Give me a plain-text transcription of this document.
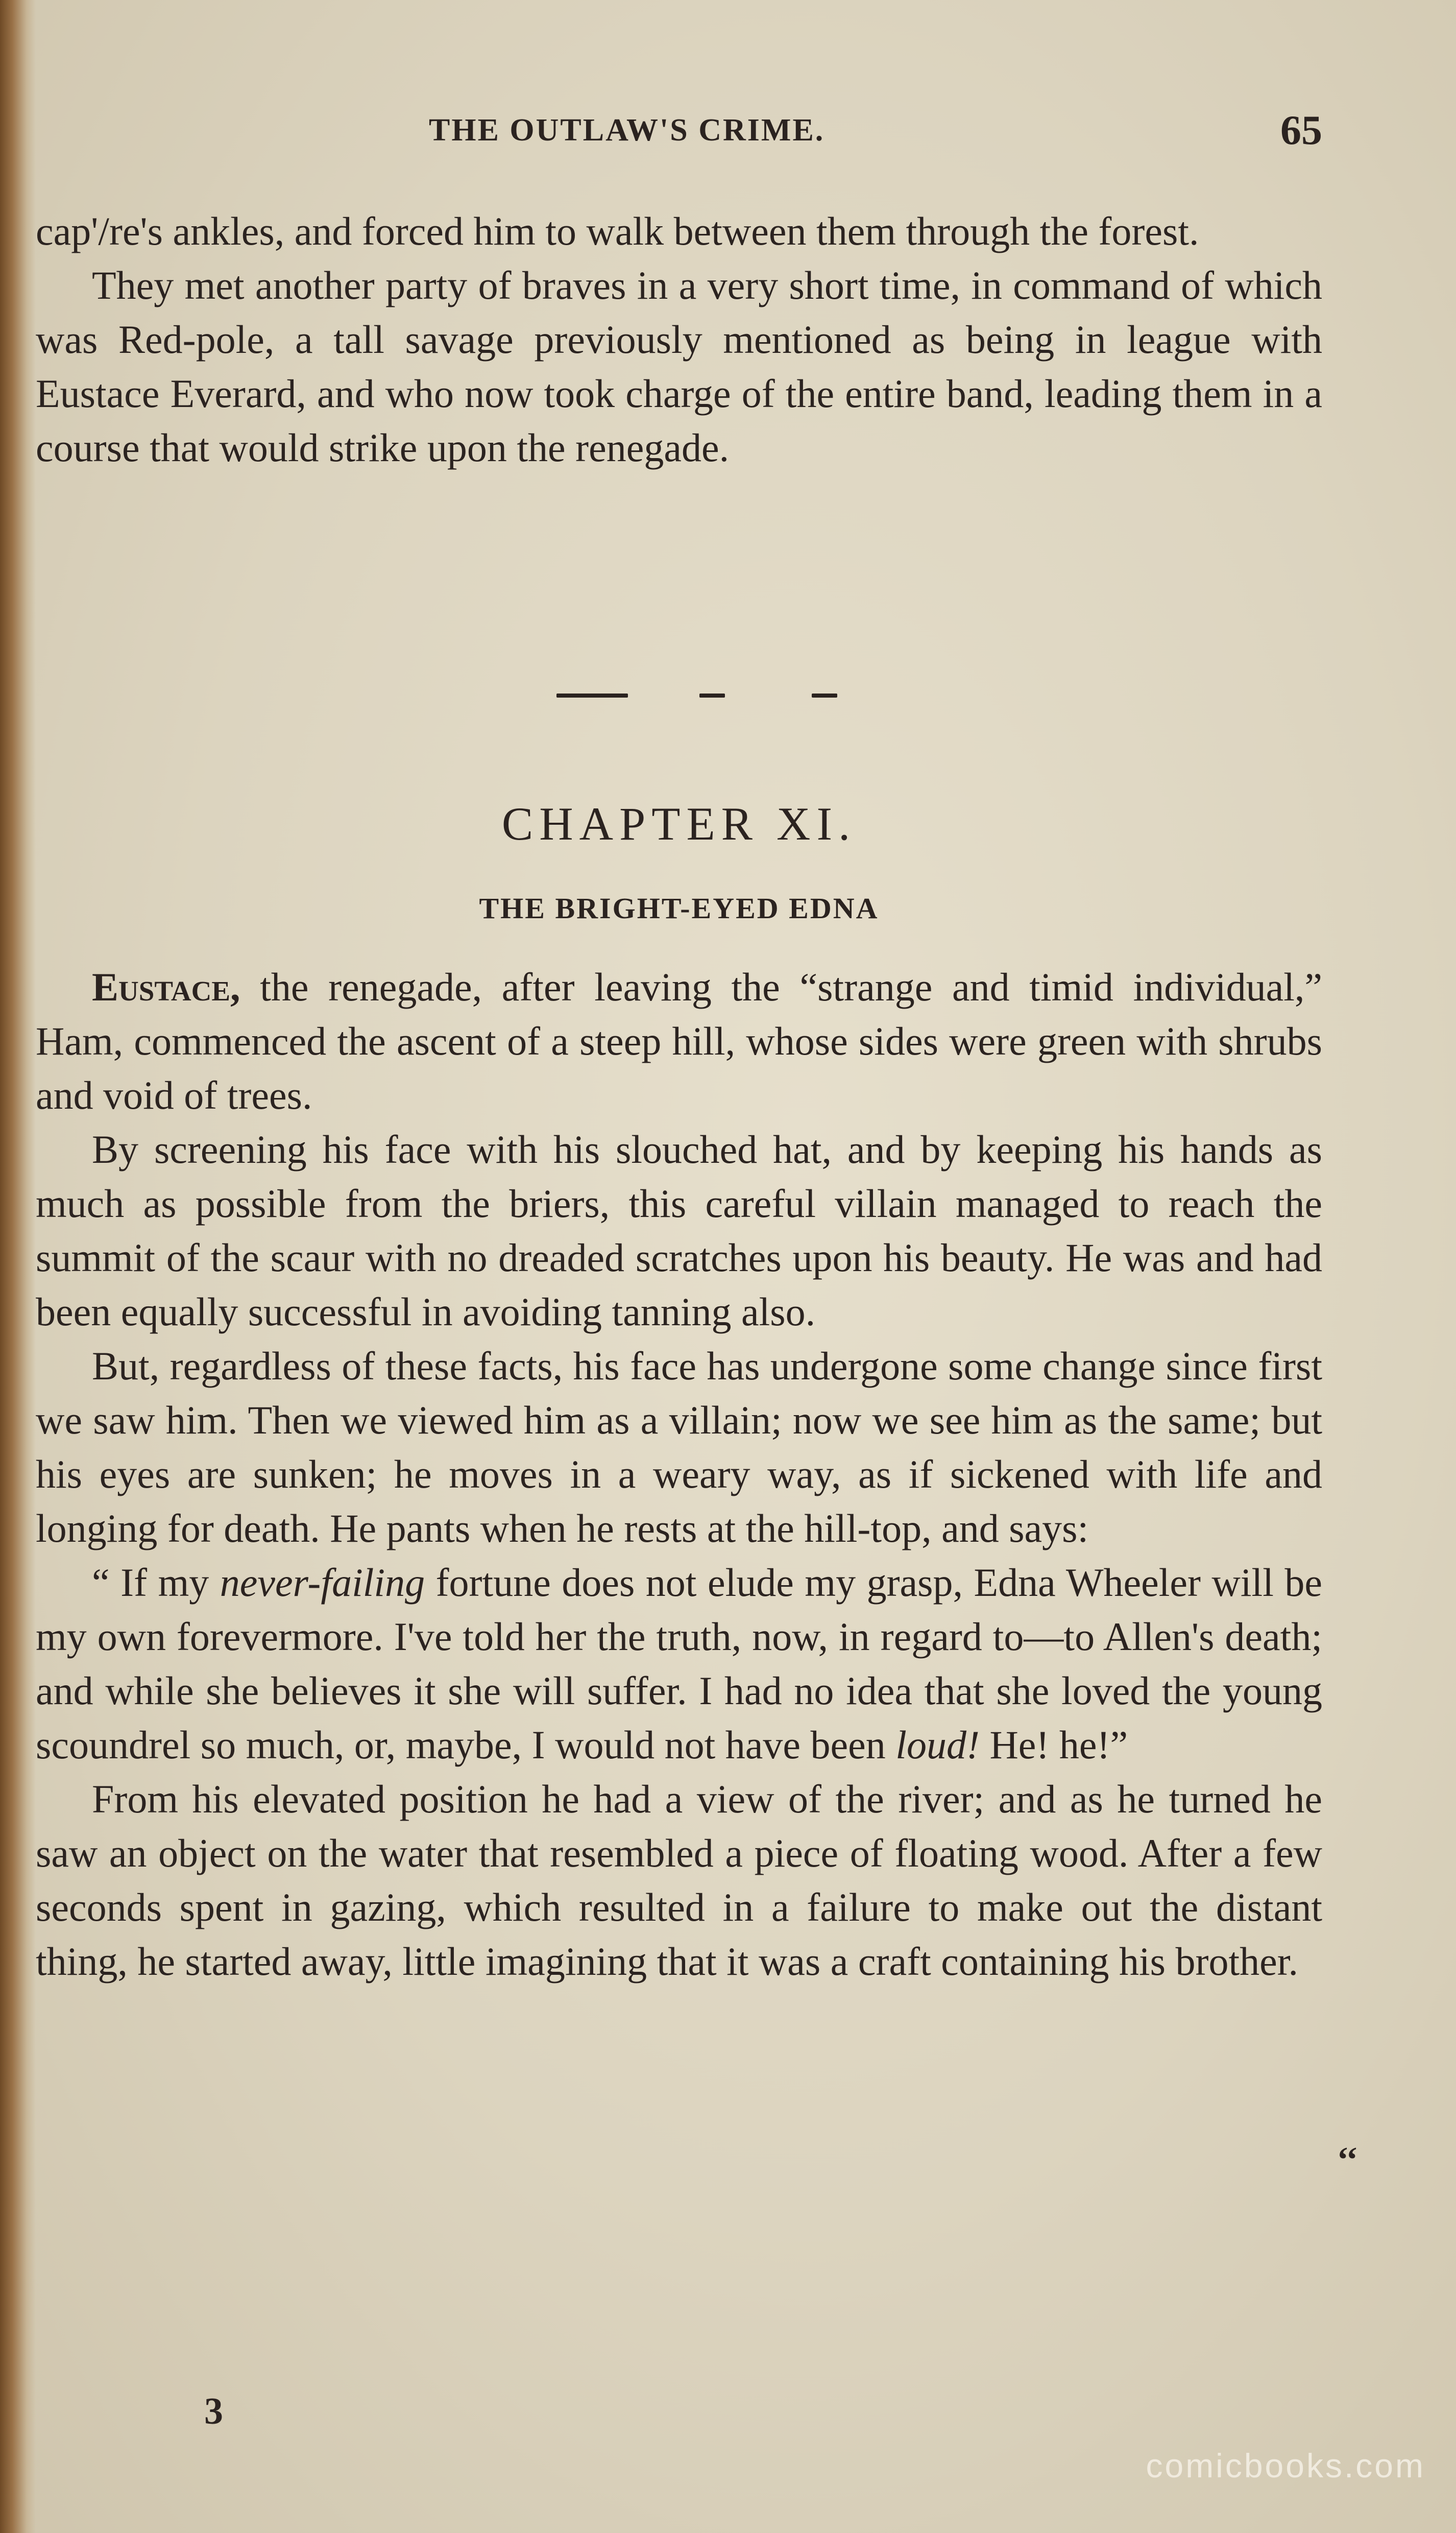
THE OUTLAW'S CRIME.	65

cap'/re's ankles, and forced him to walk between them through the forest.

They met another party of braves in a very short time, in command of which was Red-pole, a tall savage previously mentioned as being in league with Eustace Everard, and who now took charge of the entire band, leading them in a course that would strike upon the renegade.

CHAPTER XI.
THE BRIGHT-EYED EDNA

Eustace, the renegade, after leaving the “strange and timid individual,” Ham, commenced the ascent of a steep hill, whose sides were green with shrubs and void of trees.

By screening his face with his slouched hat, and by keeping his hands as much as possible from the briers, this careful villain managed to reach the summit of the scaur with no dreaded scratches upon his beauty. He was and had been equally successful in avoiding tanning also.

But, regardless of these facts, his face has undergone some change since first we saw him. Then we viewed him as a villain; now we see him as the same; but his eyes are sunken; he moves in a weary way, as if sickened with life and longing for death. He pants when he rests at the hill-top, and says:

“ If my never-failing fortune does not elude my grasp, Edna Wheeler will be my own forevermore. I've told her the truth, now, in regard to—to Allen's death; and while she believes it she will suffer. I had no idea that she loved the young scoundrel so much, or, maybe, I would not have been loud! He! he!”

From his elevated position he had a view of the river; and as he turned he saw an object on the water that resembled a piece of floating wood. After a few seconds spent in gazing, which resulted in a failure to make out the distant thing, he started away, little imagining that it was a craft containing his brother.

‘‘
3
comicbooks.com
